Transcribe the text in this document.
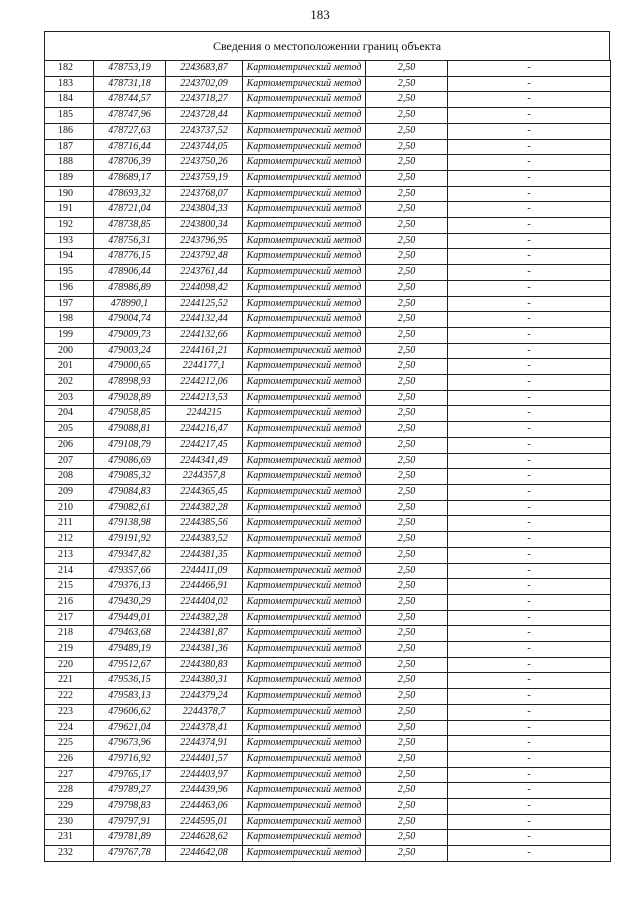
183
Сведения о местоположении границ объекта
182	478753,19	2243683,87	Картометрический метод	2,50	-
183	478731,18	2243702,09	Картометрический метод	2,50	-
184	478744,57	2243718,27	Картометрический метод	2,50	-
185	478747,96	2243728,44	Картометрический метод	2,50	-
186	478727,63	2243737,52	Картометрический метод	2,50	-
187	478716,44	2243744,05	Картометрический метод	2,50	-
188	478706,39	2243750,26	Картометрический метод	2,50	-
189	478689,17	2243759,19	Картометрический метод	2,50	-
190	478693,32	2243768,07	Картометрический метод	2,50	-
191	478721,04	2243804,33	Картометрический метод	2,50	-
192	478738,85	2243800,34	Картометрический метод	2,50	-
193	478756,31	2243796,95	Картометрический метод	2,50	-
194	478776,15	2243792,48	Картометрический метод	2,50	-
195	478906,44	2243761,44	Картометрический метод	2,50	-
196	478986,89	2244098,42	Картометрический метод	2,50	-
197	478990,1	2244125,52	Картометрический метод	2,50	-
198	479004,74	2244132,44	Картометрический метод	2,50	-
199	479009,73	2244132,66	Картометрический метод	2,50	-
200	479003,24	2244161,21	Картометрический метод	2,50	-
201	479000,65	2244177,1	Картометрический метод	2,50	-
202	478998,93	2244212,06	Картометрический метод	2,50	-
203	479028,89	2244213,53	Картометрический метод	2,50	-
204	479058,85	2244215	Картометрический метод	2,50	-
205	479088,81	2244216,47	Картометрический метод	2,50	-
206	479108,79	2244217,45	Картометрический метод	2,50	-
207	479086,69	2244341,49	Картометрический метод	2,50	-
208	479085,32	2244357,8	Картометрический метод	2,50	-
209	479084,83	2244365,45	Картометрический метод	2,50	-
210	479082,61	2244382,28	Картометрический метод	2,50	-
211	479138,98	2244385,56	Картометрический метод	2,50	-
212	479191,92	2244383,52	Картометрический метод	2,50	-
213	479347,82	2244381,35	Картометрический метод	2,50	-
214	479357,66	2244411,09	Картометрический метод	2,50	-
215	479376,13	2244466,91	Картометрический метод	2,50	-
216	479430,29	2244404,02	Картометрический метод	2,50	-
217	479449,01	2244382,28	Картометрический метод	2,50	-
218	479463,68	2244381,87	Картометрический метод	2,50	-
219	479489,19	2244381,36	Картометрический метод	2,50	-
220	479512,67	2244380,83	Картометрический метод	2,50	-
221	479536,15	2244380,31	Картометрический метод	2,50	-
222	479583,13	2244379,24	Картометрический метод	2,50	-
223	479606,62	2244378,7	Картометрический метод	2,50	-
224	479621,04	2244378,41	Картометрический метод	2,50	-
225	479673,96	2244374,91	Картометрический метод	2,50	-
226	479716,92	2244401,57	Картометрический метод	2,50	-
227	479765,17	2244403,97	Картометрический метод	2,50	-
228	479789,27	2244439,96	Картометрический метод	2,50	-
229	479798,83	2244463,06	Картометрический метод	2,50	-
230	479797,91	2244595,01	Картометрический метод	2,50	-
231	479781,89	2244628,62	Картометрический метод	2,50	-
232	479767,78	2244642,08	Картометрический метод	2,50	-
